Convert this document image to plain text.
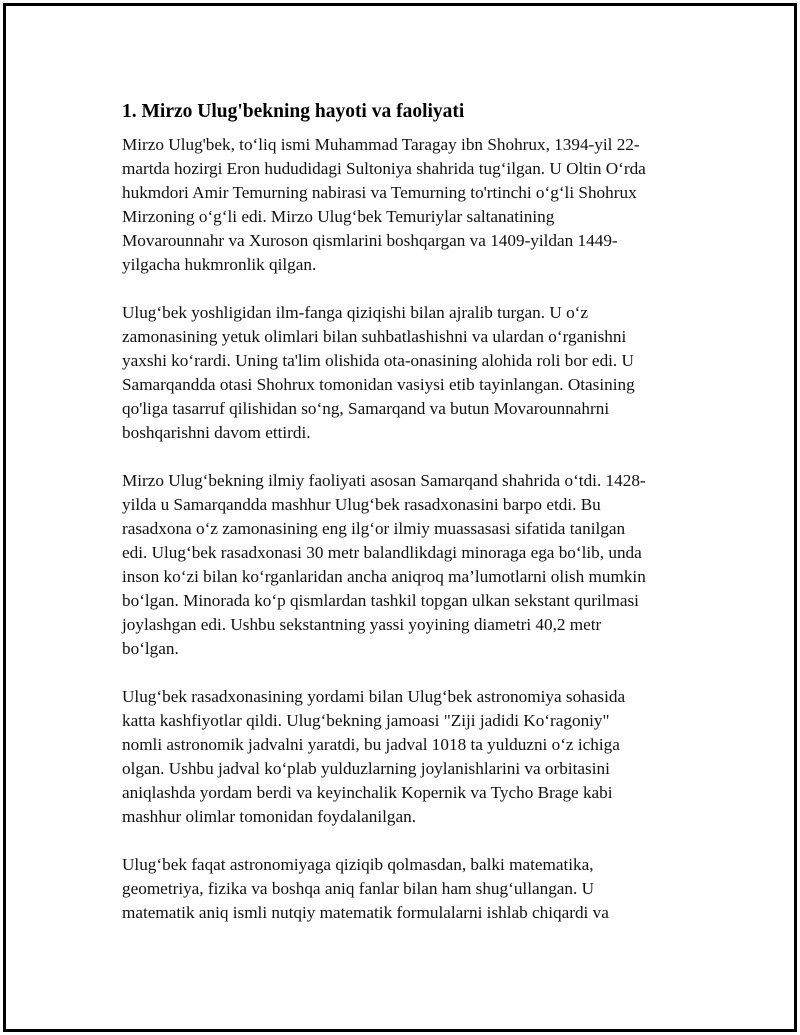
1. Mirzo Ulug'bekning hayoti va faoliyati

Mirzo Ulug'bek, to‘liq ismi Muhammad Taragay ibn Shohrux, 1394-yil 22-
martda hozirgi Eron hududidagi Sultoniya shahrida tug‘ilgan. U Oltin O‘rda
hukmdori Amir Temurning nabirasi va Temurning to'rtinchi o‘g‘li Shohrux
Mirzoning o‘g‘li edi. Mirzo Ulug‘bek Temuriylar saltanatining
Movarounnahr va Xuroson qismlarini boshqargan va 1409-yildan 1449-
yilgacha hukmronlik qilgan.

Ulug‘bek yoshligidan ilm-fanga qiziqishi bilan ajralib turgan. U o‘z
zamonasining yetuk olimlari bilan suhbatlashishni va ulardan o‘rganishni
yaxshi ko‘rardi. Uning ta'lim olishida ota-onasining alohida roli bor edi. U
Samarqandda otasi Shohrux tomonidan vasiysi etib tayinlangan. Otasining
qo'liga tasarruf qilishidan so‘ng, Samarqand va butun Movarounnahrni
boshqarishni davom ettirdi.

Mirzo Ulug‘bekning ilmiy faoliyati asosan Samarqand shahrida o‘tdi. 1428-
yilda u Samarqandda mashhur Ulug‘bek rasadxonasini barpo etdi. Bu
rasadxona o‘z zamonasining eng ilg‘or ilmiy muassasasi sifatida tanilgan
edi. Ulug‘bek rasadxonasi 30 metr balandlikdagi minoraga ega bo‘lib, unda
inson ko‘zi bilan ko‘rganlaridan ancha aniqroq ma’lumotlarni olish mumkin
bo‘lgan. Minorada ko‘p qismlardan tashkil topgan ulkan sekstant qurilmasi
joylashgan edi. Ushbu sekstantning yassi yoyining diametri 40,2 metr
bo‘lgan.

Ulug‘bek rasadxonasining yordami bilan Ulug‘bek astronomiya sohasida
katta kashfiyotlar qildi. Ulug‘bekning jamoasi "Ziji jadidi Ko‘ragoniy"
nomli astronomik jadvalni yaratdi, bu jadval 1018 ta yulduzni o‘z ichiga
olgan. Ushbu jadval ko‘plab yulduzlarning joylanishlarini va orbitasini
aniqlashda yordam berdi va keyinchalik Kopernik va Tycho Brage kabi
mashhur olimlar tomonidan foydalanilgan.

Ulug‘bek faqat astronomiyaga qiziqib qolmasdan, balki matematika,
geometriya, fizika va boshqa aniq fanlar bilan ham shug‘ullangan. U
matematik aniq ismli nutqiy matematik formulalarni ishlab chiqardi va
